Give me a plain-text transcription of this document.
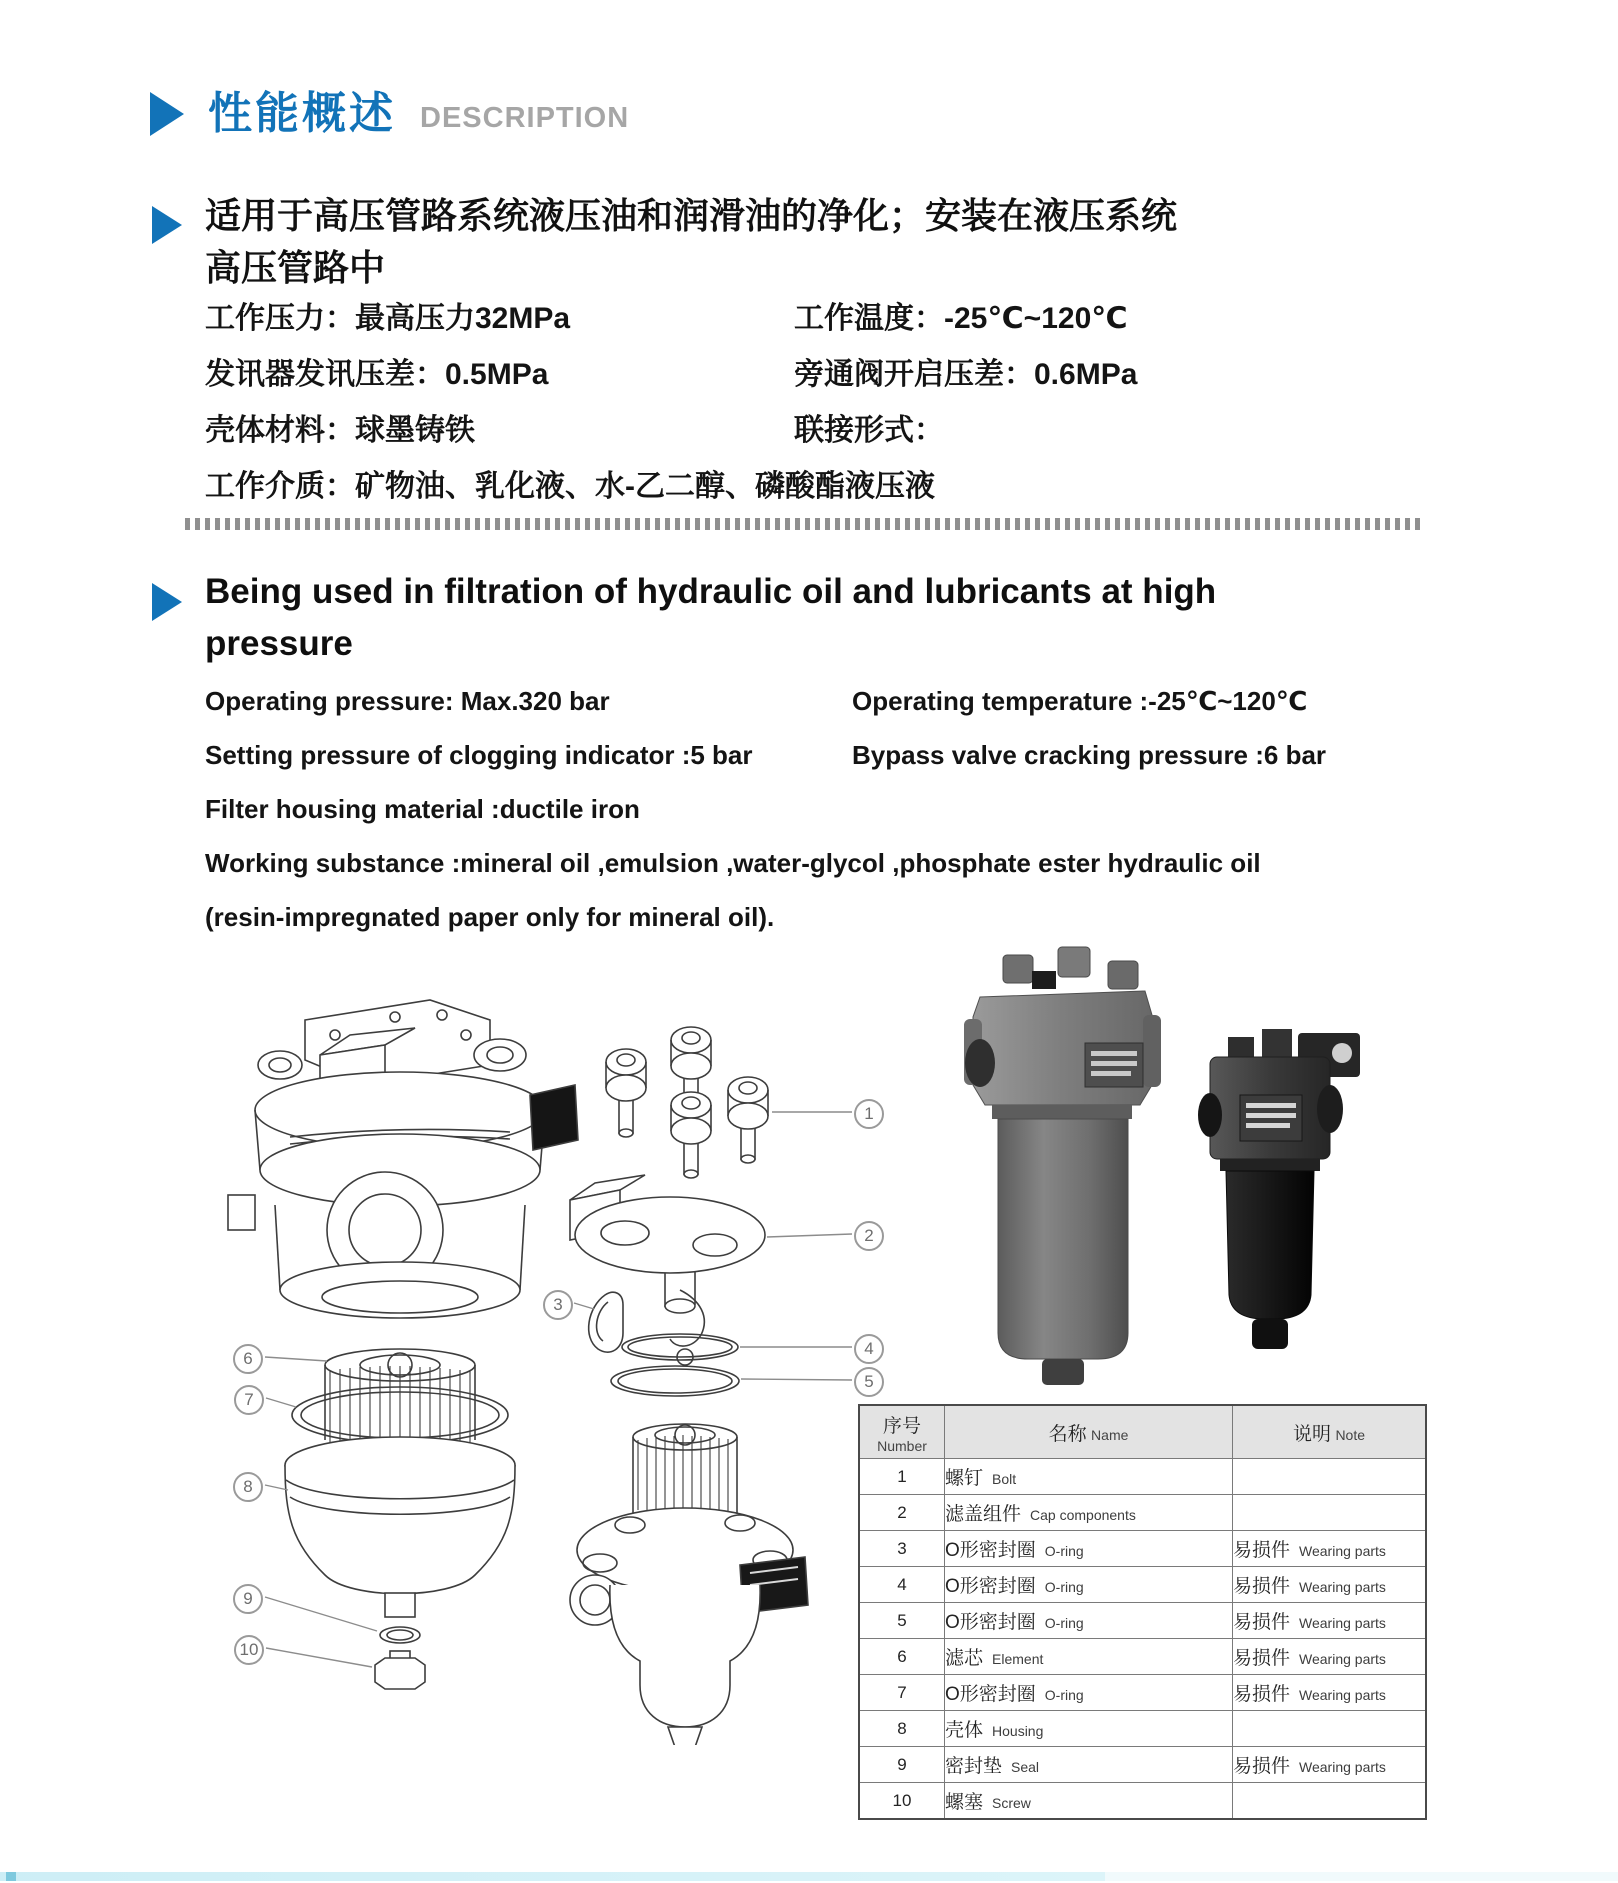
性能概述 DESCRIPTION
适用于高压管路系统液压油和润滑油的净化；安装在液压系统
高压管路中
工作压力：最高压力32MPa	工作温度：-25℃~120℃
发讯器发讯压差：0.5MPa	旁通阀开启压差：0.6MPa
壳体材料：球墨铸铁	联接形式：
工作介质：矿物油、乳化液、水-乙二醇、磷酸酯液压液
Being used in filtration of hydraulic oil and lubricants at high
pressure
Operating pressure: Max.320 bar	Operating temperature :-25℃~120℃
Setting pressure of clogging indicator :5 bar	Bypass valve cracking pressure :6 bar
Filter housing material :ductile iron
Working substance :mineral oil ,emulsion ,water-glycol ,phosphate ester hydraulic oil
(resin-impregnated paper only for mineral oil).
1
2
3
4
5
6
7
8
9
10
序号
Number	名称 Name	说明 Note
1	螺钉 Bolt	
2	滤盖组件 Cap components	
3	O形密封圈 O-ring	易损件 Wearing parts
4	O形密封圈 O-ring	易损件 Wearing parts
5	O形密封圈 O-ring	易损件 Wearing parts
6	滤芯 Element	易损件 Wearing parts
7	O形密封圈 O-ring	易损件 Wearing parts
8	壳体 Housing	
9	密封垫 Seal	易损件 Wearing parts
10	螺塞 Screw	
